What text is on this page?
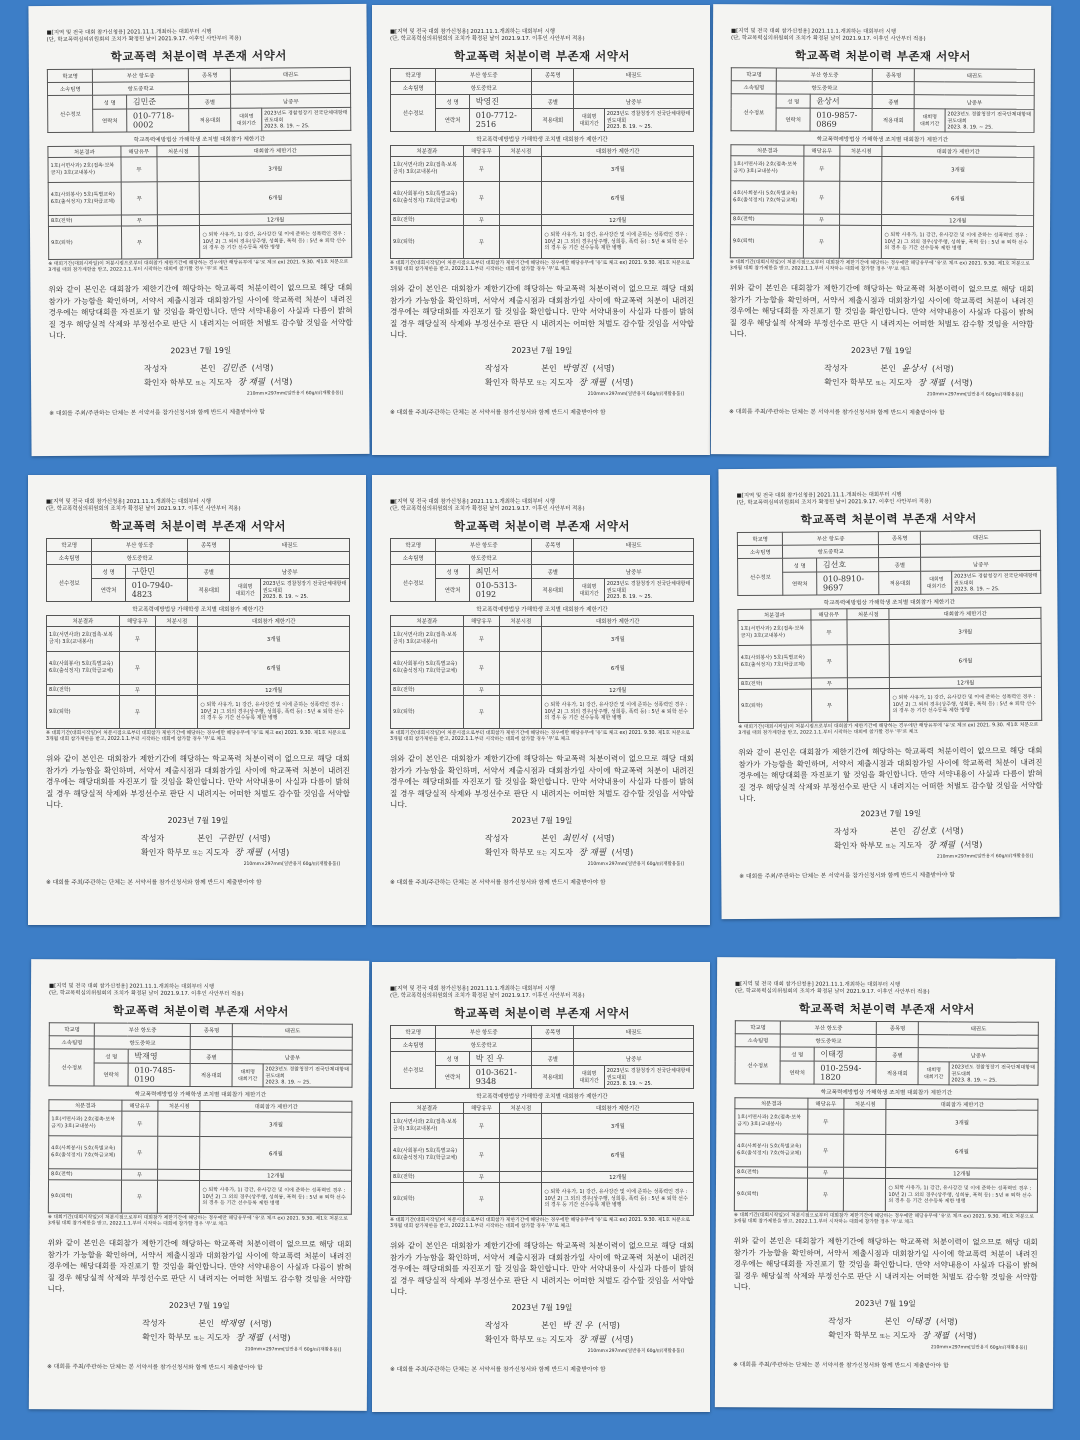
■[지역 및 전국 대회 참가신청용] 2021.11.1.개최하는 대회부터 시행
(단, 학교폭력심의위원회의 조치가 확정된 날이 2021.9.17. 이후인 사안부터 적용)
학교폭력 처분이력 부존재 서약서
학교명	부산 항도중		종목명	태권도	
소속팀명	항도중학교				
선수정보	성 명	김민준	종별	남중부	
	연락처	010-7718-0002	적용대회	대회명
대회기간	2023년도 경찰청장기 전국단체대항태권도대회
2023. 8. 19. ~ 25.
학교폭력예방법상 가해학생 조치별 대회참가 제한기간
처분결과	해당유무	처분시점	대회참가 제한기간
1호(서면사과) 2호(접촉·보복금지) 3호(교내봉사)	무		3개월
4호(사회봉사) 5호(특별교육) 6호(출석정지) 7호(학급교체)	무		6개월
8호(전학)	무		12개월
9호(퇴학)	무		○ 퇴학 사유가, 1) 강간, 유사강간 및 이에 준하는 성폭력인 경우 : 10년 2) 그 외의 경우(상주행, 성희롱, 폭력 등) : 5년 ※ 퇴학 선수의 경우 등 기간 선수등록 제한 병행
※ 대회기간(대회시작일)이 처분시점으로부터 대회참가 제한기간에 해당하는 경우에만 해당유무에 '유'로 체크 ex) 2021. 9.30. 제1호 처분으로 3개월 대회 참가제한을 받고, 2022.1.1.부터 시작하는 대회에 참가할 경우 '무'로 체크
위와 같이 본인은 대회참가 제한기간에 해당하는 학교폭력 처분이력이 없으므로 해당 대회 참가가 가능함을 확인하며, 서약서 제출시점과 대회참가일 사이에 학교폭력 처분이 내려진 경우에는 해당대회를 자진포기 할 것임을 확인합니다. 만약 서약내용이 사실과 다름이 밝혀질 경우 해당실적 삭제와 부정선수로 판단 시 내려지는 어떠한 처벌도 감수할 것임을 서약합니다.
2023년 7월 19일
작성자	본인 김민준 (서명)
확인자 학부모 또는 지도자 장 재필 (서명)
210mm×297mm[일반용지 60g/㎡(재활용품)]
※ 대회를 주최/주관하는 단체는 본 서약서를 참가신청서와 함께 반드시 제출받아야 함
■[지역 및 전국 대회 참가신청용] 2021.11.1.개최하는 대회부터 시행
(단, 학교폭력심의위원회의 조치가 확정된 날이 2021.9.17. 이후인 사안부터 적용)
학교폭력 처분이력 부존재 서약서
학교명	부산 항도중		종목명	태권도	
소속팀명	항도중학교				
선수정보	성 명	박영진	종별	남중부	
	연락처	010-7712-2516	적용대회	대회명
대회기간	2023년도 경찰청장기 전국단체대항태권도대회
2023. 8. 19. ~ 25.
학교폭력예방법상 가해학생 조치별 대회참가 제한기간
처분결과	해당유무	처분시점	대회참가 제한기간
1호(서면사과) 2호(접촉·보복금지) 3호(교내봉사)	무		3개월
4호(사회봉사) 5호(특별교육) 6호(출석정지) 7호(학급교체)	무		6개월
8호(전학)	무		12개월
9호(퇴학)	무		○ 퇴학 사유가, 1) 강간, 유사강간 및 이에 준하는 성폭력인 경우 : 10년 2) 그 외의 경우(상주행, 성희롱, 폭력 등) : 5년 ※ 퇴학 선수의 경우 등 기간 선수등록 제한 병행
※ 대회기간(대회시작일)이 처분시점으로부터 대회참가 제한기간에 해당하는 경우에만 해당유무에 '유'로 체크 ex) 2021. 9.30. 제1호 처분으로 3개월 대회 참가제한을 받고, 2022.1.1.부터 시작하는 대회에 참가할 경우 '무'로 체크
위와 같이 본인은 대회참가 제한기간에 해당하는 학교폭력 처분이력이 없으므로 해당 대회 참가가 가능함을 확인하며, 서약서 제출시점과 대회참가일 사이에 학교폭력 처분이 내려진 경우에는 해당대회를 자진포기 할 것임을 확인합니다. 만약 서약내용이 사실과 다름이 밝혀질 경우 해당실적 삭제와 부정선수로 판단 시 내려지는 어떠한 처벌도 감수할 것임을 서약합니다.
2023년 7월 19일
작성자	본인 박영진 (서명)
확인자 학부모 또는 지도자 장 재필 (서명)
210mm×297mm[일반용지 60g/㎡(재활용품)]
※ 대회를 주최/주관하는 단체는 본 서약서를 참가신청서와 함께 반드시 제출받아야 함
■[지역 및 전국 대회 참가신청용] 2021.11.1.개최하는 대회부터 시행
(단, 학교폭력심의위원회의 조치가 확정된 날이 2021.9.17. 이후인 사안부터 적용)
학교폭력 처분이력 부존재 서약서
학교명	부산 항도중		종목명	태권도	
소속팀명	항도중학교				
선수정보	성 명	윤상서	종별	남중부	
	연락처	010-9857-0869	적용대회	대회명
대회기간	2023년도 경찰청장기 전국단체대항태권도대회
2023. 8. 19. ~ 25.
학교폭력예방법상 가해학생 조치별 대회참가 제한기간
처분결과	해당유무	처분시점	대회참가 제한기간
1호(서면사과) 2호(접촉·보복금지) 3호(교내봉사)	무		3개월
4호(사회봉사) 5호(특별교육) 6호(출석정지) 7호(학급교체)	무		6개월
8호(전학)	무		12개월
9호(퇴학)	무		○ 퇴학 사유가, 1) 강간, 유사강간 및 이에 준하는 성폭력인 경우 : 10년 2) 그 외의 경우(상주행, 성희롱, 폭력 등) : 5년 ※ 퇴학 선수의 경우 등 기간 선수등록 제한 병행
※ 대회기간(대회시작일)이 처분시점으로부터 대회참가 제한기간에 해당하는 경우에만 해당유무에 '유'로 체크 ex) 2021. 9.30. 제1호 처분으로 3개월 대회 참가제한을 받고, 2022.1.1.부터 시작하는 대회에 참가할 경우 '무'로 체크
위와 같이 본인은 대회참가 제한기간에 해당하는 학교폭력 처분이력이 없으므로 해당 대회 참가가 가능함을 확인하며, 서약서 제출시점과 대회참가일 사이에 학교폭력 처분이 내려진 경우에는 해당대회를 자진포기 할 것임을 확인합니다. 만약 서약내용이 사실과 다름이 밝혀질 경우 해당실적 삭제와 부정선수로 판단 시 내려지는 어떠한 처벌도 감수할 것임을 서약합니다.
2023년 7월 19일
작성자	본인 윤상서 (서명)
확인자 학부모 또는 지도자 장 재필 (서명)
210mm×297mm[일반용지 60g/㎡(재활용품)]
※ 대회를 주최/주관하는 단체는 본 서약서를 참가신청서와 함께 반드시 제출받아야 함
■[지역 및 전국 대회 참가신청용] 2021.11.1.개최하는 대회부터 시행
(단, 학교폭력심의위원회의 조치가 확정된 날이 2021.9.17. 이후인 사안부터 적용)
학교폭력 처분이력 부존재 서약서
학교명	부산 항도중		종목명	태권도	
소속팀명	항도중학교				
선수정보	성 명	구한민	종별	남중부	
	연락처	010-7940-4823	적용대회	대회명
대회기간	2023년도 경찰청장기 전국단체대항태권도대회
2023. 8. 19. ~ 25.
학교폭력예방법상 가해학생 조치별 대회참가 제한기간
처분결과	해당유무	처분시점	대회참가 제한기간
1호(서면사과) 2호(접촉·보복금지) 3호(교내봉사)	무		3개월
4호(사회봉사) 5호(특별교육) 6호(출석정지) 7호(학급교체)	무		6개월
8호(전학)	무		12개월
9호(퇴학)	무		○ 퇴학 사유가, 1) 강간, 유사강간 및 이에 준하는 성폭력인 경우 : 10년 2) 그 외의 경우(상주행, 성희롱, 폭력 등) : 5년 ※ 퇴학 선수의 경우 등 기간 선수등록 제한 병행
※ 대회기간(대회시작일)이 처분시점으로부터 대회참가 제한기간에 해당하는 경우에만 해당유무에 '유'로 체크 ex) 2021. 9.30. 제1호 처분으로 3개월 대회 참가제한을 받고, 2022.1.1.부터 시작하는 대회에 참가할 경우 '무'로 체크
위와 같이 본인은 대회참가 제한기간에 해당하는 학교폭력 처분이력이 없으므로 해당 대회 참가가 가능함을 확인하며, 서약서 제출시점과 대회참가일 사이에 학교폭력 처분이 내려진 경우에는 해당대회를 자진포기 할 것임을 확인합니다. 만약 서약내용이 사실과 다름이 밝혀질 경우 해당실적 삭제와 부정선수로 판단 시 내려지는 어떠한 처벌도 감수할 것임을 서약합니다.
2023년 7월 19일
작성자	본인 구한민 (서명)
확인자 학부모 또는 지도자 장 재필 (서명)
210mm×297mm[일반용지 60g/㎡(재활용품)]
※ 대회를 주최/주관하는 단체는 본 서약서를 참가신청서와 함께 반드시 제출받아야 함
■[지역 및 전국 대회 참가신청용] 2021.11.1.개최하는 대회부터 시행
(단, 학교폭력심의위원회의 조치가 확정된 날이 2021.9.17. 이후인 사안부터 적용)
학교폭력 처분이력 부존재 서약서
학교명	부산 항도중		종목명	태권도	
소속팀명	항도중학교				
선수정보	성 명	최민서	종별	남중부	
	연락처	010-5313-0192	적용대회	대회명
대회기간	2023년도 경찰청장기 전국단체대항태권도대회
2023. 8. 19. ~ 25.
학교폭력예방법상 가해학생 조치별 대회참가 제한기간
처분결과	해당유무	처분시점	대회참가 제한기간
1호(서면사과) 2호(접촉·보복금지) 3호(교내봉사)	무		3개월
4호(사회봉사) 5호(특별교육) 6호(출석정지) 7호(학급교체)	무		6개월
8호(전학)	무		12개월
9호(퇴학)	무		○ 퇴학 사유가, 1) 강간, 유사강간 및 이에 준하는 성폭력인 경우 : 10년 2) 그 외의 경우(상주행, 성희롱, 폭력 등) : 5년 ※ 퇴학 선수의 경우 등 기간 선수등록 제한 병행
※ 대회기간(대회시작일)이 처분시점으로부터 대회참가 제한기간에 해당하는 경우에만 해당유무에 '유'로 체크 ex) 2021. 9.30. 제1호 처분으로 3개월 대회 참가제한을 받고, 2022.1.1.부터 시작하는 대회에 참가할 경우 '무'로 체크
위와 같이 본인은 대회참가 제한기간에 해당하는 학교폭력 처분이력이 없으므로 해당 대회 참가가 가능함을 확인하며, 서약서 제출시점과 대회참가일 사이에 학교폭력 처분이 내려진 경우에는 해당대회를 자진포기 할 것임을 확인합니다. 만약 서약내용이 사실과 다름이 밝혀질 경우 해당실적 삭제와 부정선수로 판단 시 내려지는 어떠한 처벌도 감수할 것임을 서약합니다.
2023년 7월 19일
작성자	본인 최민서 (서명)
확인자 학부모 또는 지도자 장 재필 (서명)
210mm×297mm[일반용지 60g/㎡(재활용품)]
※ 대회를 주최/주관하는 단체는 본 서약서를 참가신청서와 함께 반드시 제출받아야 함
■[지역 및 전국 대회 참가신청용] 2021.11.1.개최하는 대회부터 시행
(단, 학교폭력심의위원회의 조치가 확정된 날이 2021.9.17. 이후인 사안부터 적용)
학교폭력 처분이력 부존재 서약서
학교명	부산 항도중		종목명	태권도	
소속팀명	항도중학교				
선수정보	성 명	김선호	종별	남중부	
	연락처	010-8910-9697	적용대회	대회명
대회기간	2023년도 경찰청장기 전국단체대항태권도대회
2023. 8. 19. ~ 25.
학교폭력예방법상 가해학생 조치별 대회참가 제한기간
처분결과	해당유무	처분시점	대회참가 제한기간
1호(서면사과) 2호(접촉·보복금지) 3호(교내봉사)	무		3개월
4호(사회봉사) 5호(특별교육) 6호(출석정지) 7호(학급교체)	무		6개월
8호(전학)	무		12개월
9호(퇴학)	무		○ 퇴학 사유가, 1) 강간, 유사강간 및 이에 준하는 성폭력인 경우 : 10년 2) 그 외의 경우(상주행, 성희롱, 폭력 등) : 5년 ※ 퇴학 선수의 경우 등 기간 선수등록 제한 병행
※ 대회기간(대회시작일)이 처분시점으로부터 대회참가 제한기간에 해당하는 경우에만 해당유무에 '유'로 체크 ex) 2021. 9.30. 제1호 처분으로 3개월 대회 참가제한을 받고, 2022.1.1.부터 시작하는 대회에 참가할 경우 '무'로 체크
위와 같이 본인은 대회참가 제한기간에 해당하는 학교폭력 처분이력이 없으므로 해당 대회 참가가 가능함을 확인하며, 서약서 제출시점과 대회참가일 사이에 학교폭력 처분이 내려진 경우에는 해당대회를 자진포기 할 것임을 확인합니다. 만약 서약내용이 사실과 다름이 밝혀질 경우 해당실적 삭제와 부정선수로 판단 시 내려지는 어떠한 처벌도 감수할 것임을 서약합니다.
2023년 7월 19일
작성자	본인 김선호 (서명)
확인자 학부모 또는 지도자 장 재필 (서명)
210mm×297mm[일반용지 60g/㎡(재활용품)]
※ 대회를 주최/주관하는 단체는 본 서약서를 참가신청서와 함께 반드시 제출받아야 함
■[지역 및 전국 대회 참가신청용] 2021.11.1.개최하는 대회부터 시행
(단, 학교폭력심의위원회의 조치가 확정된 날이 2021.9.17. 이후인 사안부터 적용)
학교폭력 처분이력 부존재 서약서
학교명	부산 항도중		종목명	태권도	
소속팀명	항도중학교				
선수정보	성 명	박재영	종별	남중부	
	연락처	010-7485-0190	적용대회	대회명
대회기간	2023년도 경찰청장기 전국단체대항태권도대회
2023. 8. 19. ~ 25.
학교폭력예방법상 가해학생 조치별 대회참가 제한기간
처분결과	해당유무	처분시점	대회참가 제한기간
1호(서면사과) 2호(접촉·보복금지) 3호(교내봉사)	무		3개월
4호(사회봉사) 5호(특별교육) 6호(출석정지) 7호(학급교체)	무		6개월
8호(전학)	무		12개월
9호(퇴학)	무		○ 퇴학 사유가, 1) 강간, 유사강간 및 이에 준하는 성폭력인 경우 : 10년 2) 그 외의 경우(상주행, 성희롱, 폭력 등) : 5년 ※ 퇴학 선수의 경우 등 기간 선수등록 제한 병행
※ 대회기간(대회시작일)이 처분시점으로부터 대회참가 제한기간에 해당하는 경우에만 해당유무에 '유'로 체크 ex) 2021. 9.30. 제1호 처분으로 3개월 대회 참가제한을 받고, 2022.1.1.부터 시작하는 대회에 참가할 경우 '무'로 체크
위와 같이 본인은 대회참가 제한기간에 해당하는 학교폭력 처분이력이 없으므로 해당 대회 참가가 가능함을 확인하며, 서약서 제출시점과 대회참가일 사이에 학교폭력 처분이 내려진 경우에는 해당대회를 자진포기 할 것임을 확인합니다. 만약 서약내용이 사실과 다름이 밝혀질 경우 해당실적 삭제와 부정선수로 판단 시 내려지는 어떠한 처벌도 감수할 것임을 서약합니다.
2023년 7월 19일
작성자	본인 박재영 (서명)
확인자 학부모 또는 지도자 장 재필 (서명)
210mm×297mm[일반용지 60g/㎡(재활용품)]
※ 대회를 주최/주관하는 단체는 본 서약서를 참가신청서와 함께 반드시 제출받아야 함
■[지역 및 전국 대회 참가신청용] 2021.11.1.개최하는 대회부터 시행
(단, 학교폭력심의위원회의 조치가 확정된 날이 2021.9.17. 이후인 사안부터 적용)
학교폭력 처분이력 부존재 서약서
학교명	부산 항도중		종목명	태권도	
소속팀명	항도중학교				
선수정보	성 명	박 진 우	종별	남중부	
	연락처	010-3621-9348	적용대회	대회명
대회기간	2023년도 경찰청장기 전국단체대항태권도대회
2023. 8. 19. ~ 25.
학교폭력예방법상 가해학생 조치별 대회참가 제한기간
처분결과	해당유무	처분시점	대회참가 제한기간
1호(서면사과) 2호(접촉·보복금지) 3호(교내봉사)	무		3개월
4호(사회봉사) 5호(특별교육) 6호(출석정지) 7호(학급교체)	무		6개월
8호(전학)	무		12개월
9호(퇴학)	무		○ 퇴학 사유가, 1) 강간, 유사강간 및 이에 준하는 성폭력인 경우 : 10년 2) 그 외의 경우(상주행, 성희롱, 폭력 등) : 5년 ※ 퇴학 선수의 경우 등 기간 선수등록 제한 병행
※ 대회기간(대회시작일)이 처분시점으로부터 대회참가 제한기간에 해당하는 경우에만 해당유무에 '유'로 체크 ex) 2021. 9.30. 제1호 처분으로 3개월 대회 참가제한을 받고, 2022.1.1.부터 시작하는 대회에 참가할 경우 '무'로 체크
위와 같이 본인은 대회참가 제한기간에 해당하는 학교폭력 처분이력이 없으므로 해당 대회 참가가 가능함을 확인하며, 서약서 제출시점과 대회참가일 사이에 학교폭력 처분이 내려진 경우에는 해당대회를 자진포기 할 것임을 확인합니다. 만약 서약내용이 사실과 다름이 밝혀질 경우 해당실적 삭제와 부정선수로 판단 시 내려지는 어떠한 처벌도 감수할 것임을 서약합니다.
2023년 7월 19일
작성자	본인 박 진 우 (서명)
확인자 학부모 또는 지도자 장 재필 (서명)
210mm×297mm[일반용지 60g/㎡(재활용품)]
※ 대회를 주최/주관하는 단체는 본 서약서를 참가신청서와 함께 반드시 제출받아야 함
■[지역 및 전국 대회 참가신청용] 2021.11.1.개최하는 대회부터 시행
(단, 학교폭력심의위원회의 조치가 확정된 날이 2021.9.17. 이후인 사안부터 적용)
학교폭력 처분이력 부존재 서약서
학교명	부산 항도중		종목명	태권도	
소속팀명	항도중학교				
선수정보	성 명	이태경	종별	남중부	
	연락처	010-2594-1820	적용대회	대회명
대회기간	2023년도 경찰청장기 전국단체대항태권도대회
2023. 8. 19. ~ 25.
학교폭력예방법상 가해학생 조치별 대회참가 제한기간
처분결과	해당유무	처분시점	대회참가 제한기간
1호(서면사과) 2호(접촉·보복금지) 3호(교내봉사)	무		3개월
4호(사회봉사) 5호(특별교육) 6호(출석정지) 7호(학급교체)	무		6개월
8호(전학)	무		12개월
9호(퇴학)	무		○ 퇴학 사유가, 1) 강간, 유사강간 및 이에 준하는 성폭력인 경우 : 10년 2) 그 외의 경우(상주행, 성희롱, 폭력 등) : 5년 ※ 퇴학 선수의 경우 등 기간 선수등록 제한 병행
※ 대회기간(대회시작일)이 처분시점으로부터 대회참가 제한기간에 해당하는 경우에만 해당유무에 '유'로 체크 ex) 2021. 9.30. 제1호 처분으로 3개월 대회 참가제한을 받고, 2022.1.1.부터 시작하는 대회에 참가할 경우 '무'로 체크
위와 같이 본인은 대회참가 제한기간에 해당하는 학교폭력 처분이력이 없으므로 해당 대회 참가가 가능함을 확인하며, 서약서 제출시점과 대회참가일 사이에 학교폭력 처분이 내려진 경우에는 해당대회를 자진포기 할 것임을 확인합니다. 만약 서약내용이 사실과 다름이 밝혀질 경우 해당실적 삭제와 부정선수로 판단 시 내려지는 어떠한 처벌도 감수할 것임을 서약합니다.
2023년 7월 19일
작성자	본인 이태경 (서명)
확인자 학부모 또는 지도자 장 재필 (서명)
210mm×297mm[일반용지 60g/㎡(재활용품)]
※ 대회를 주최/주관하는 단체는 본 서약서를 참가신청서와 함께 반드시 제출받아야 함
